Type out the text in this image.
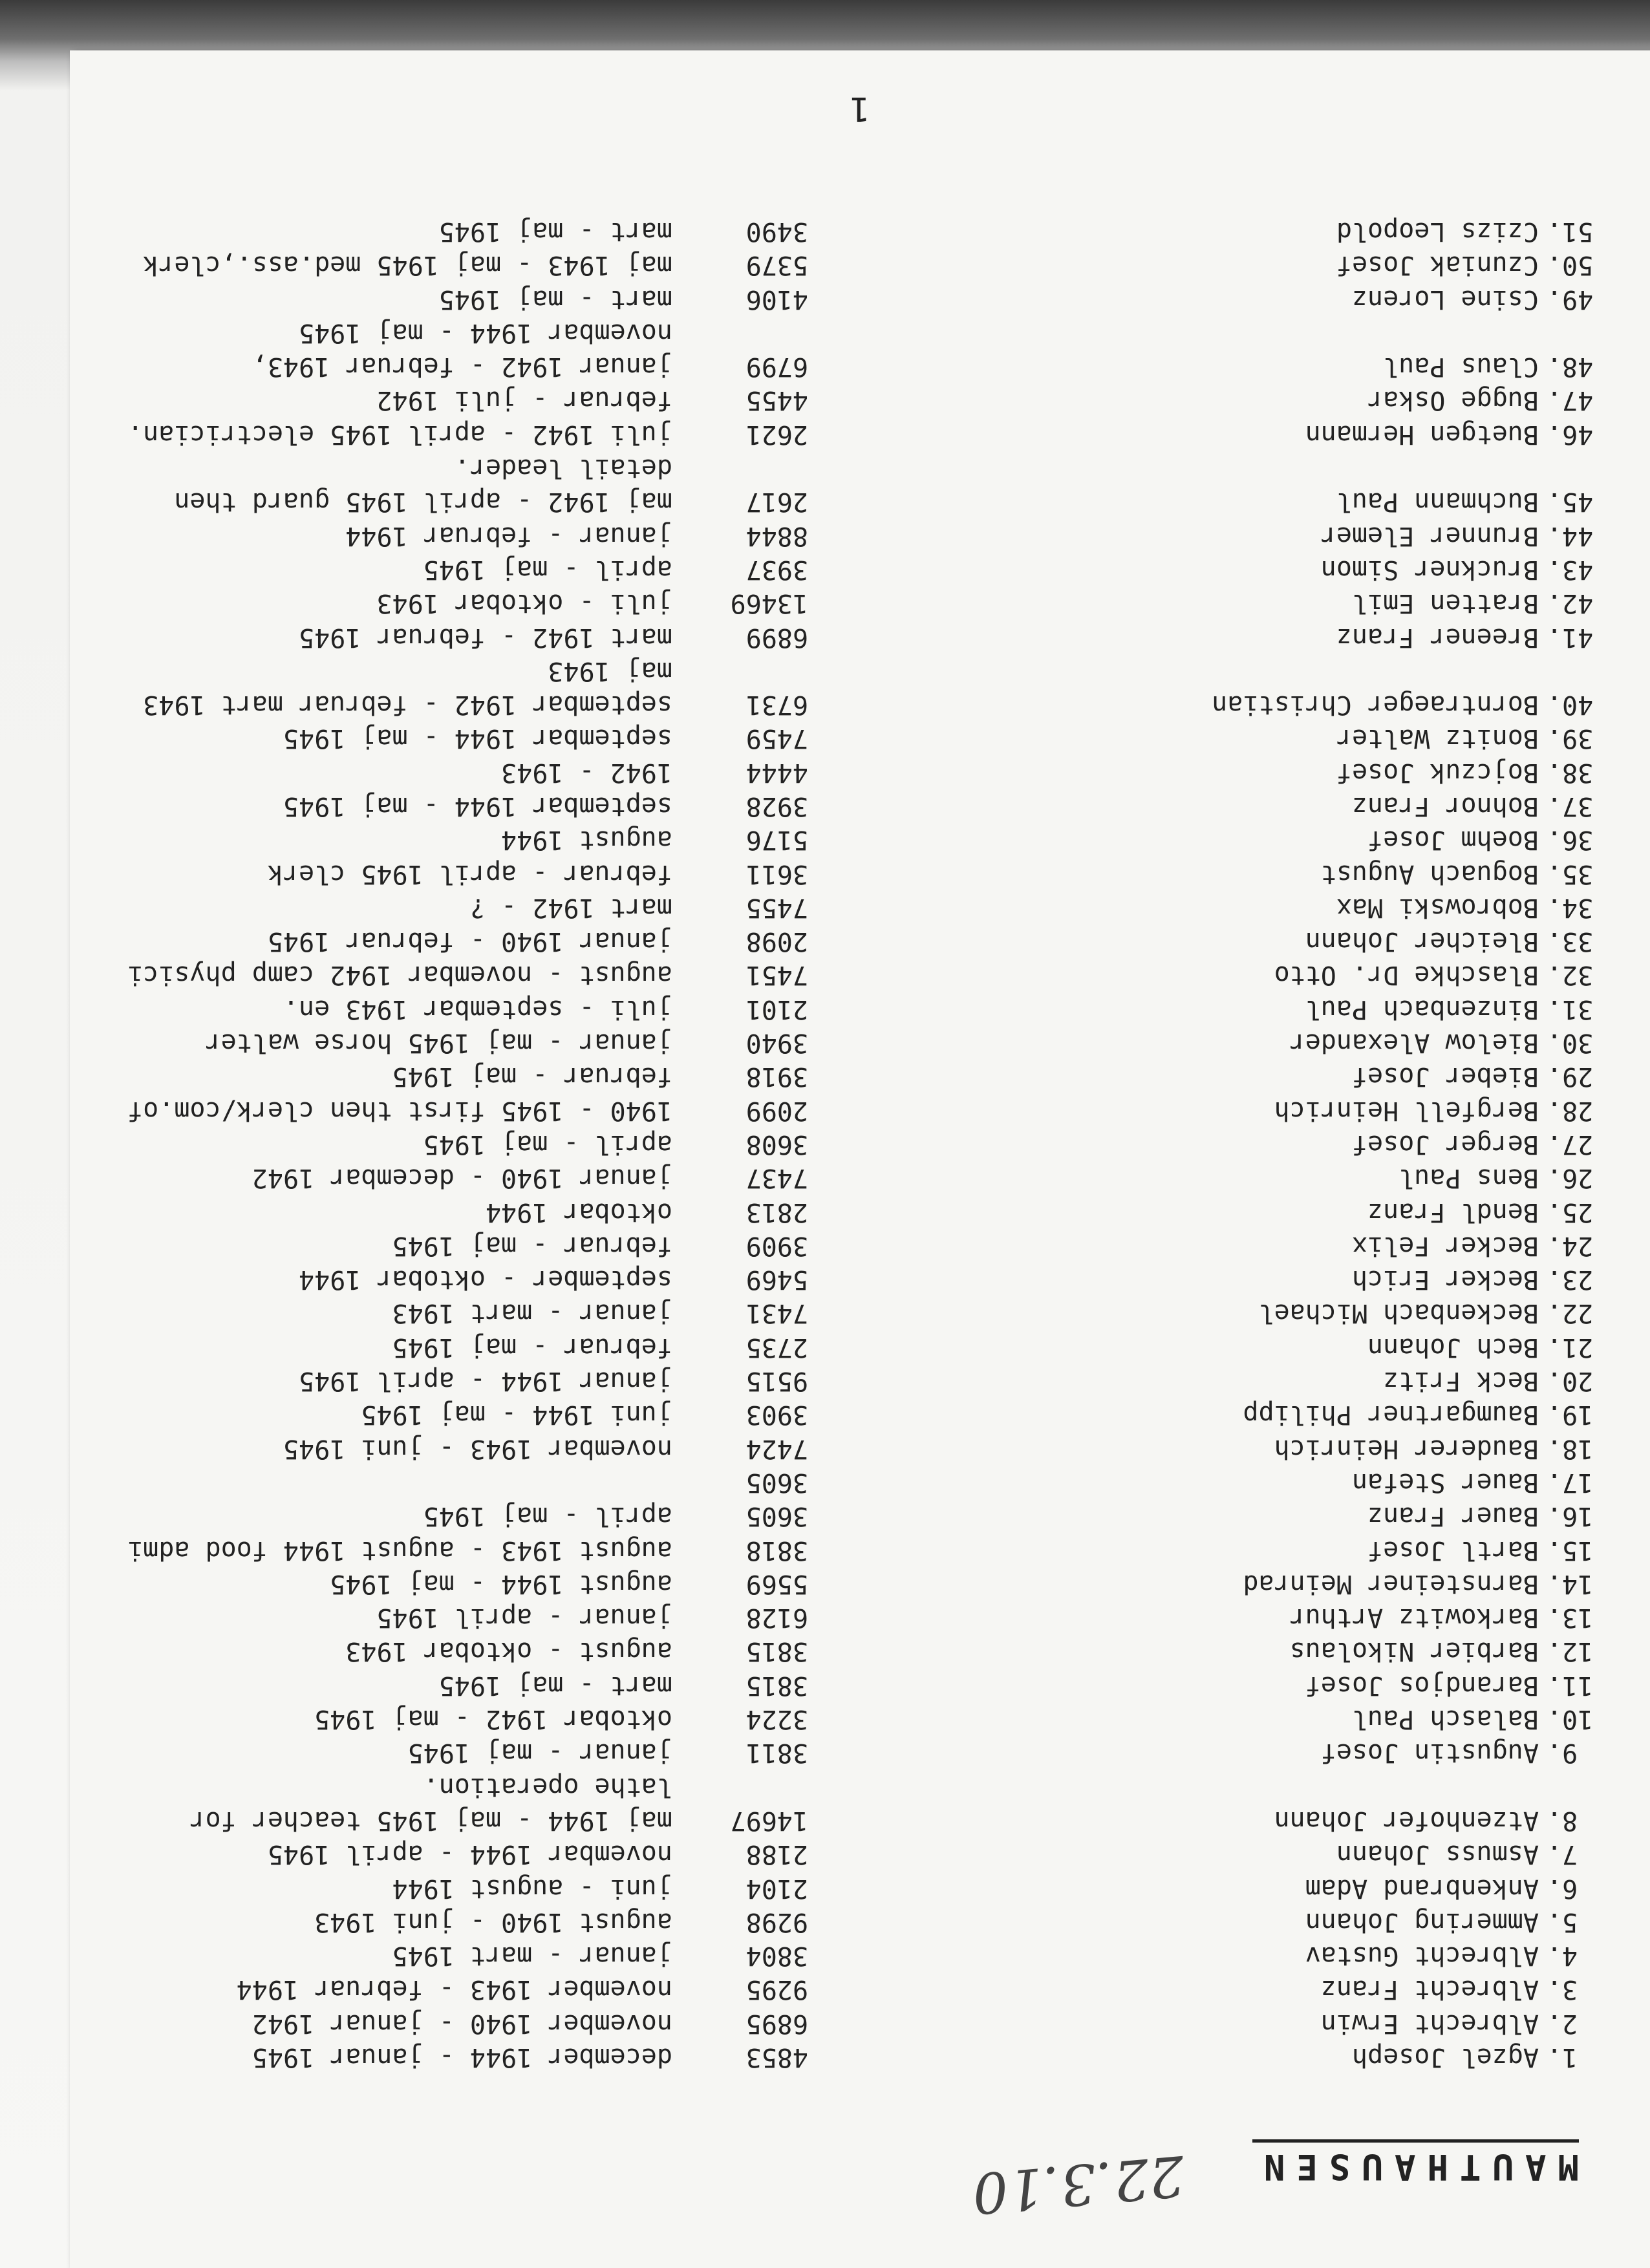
MAUTHAUSEN
22.3.10
1.
Agzel Joseph
4853
december 1944 - januar 1945
2.
Albrecht Erwin
6895
november 1940 - januar 1942
3.
Albrecht Franz
9295
november 1943 - februar 1944
4.
Albrecht Gustav
3804
januar - mart 1945
5.
Ammering Johann
9298
august 1940 - juni 1943
6.
Ankenbrand Adam
2104
juni - august 1944
7.
Asmuss Johann
2188
novembar 1944 - april 1945
8.
Atzenhofer Johann
14697
maj 1944 - maj 1945 teacher for
lathe operation.
9.
Augustin Josef
3811
januar - maj 1945
10.
Balasch Paul
3224
oktobar 1942 - maj 1945
11.
Barandjos Josef
3815
mart - maj 1945
12.
Barbier Nikolaus
3815
august - oktobar 1943
13.
Barkowitz Arthur
6128
januar - april 1945
14.
Barnsteiner Meinrad
5569
august 1944 - maj 1945
15.
Bartl Josef
3818
august 1943 - august 1944 food admi
16.
Bauer Franz
3605
april - maj 1945
17.
Bauer Stefan
3605
18.
Bauderer Heinrich
7424
novembar 1943 - juni 1945
19.
Baumgartner Philipp
3903
juni 1944 - maj 1945
20.
Beck Fritz
9515
januar 1944 - april 1945
21.
Bech Johann
2735
februar - maj 1945
22.
Beckenbach Michael
7431
januar - mart 1943
23.
Becker Erich
5469
september - oktobar 1944
24.
Becker Felix
3909
februar - maj 1945
25.
Bendl Franz
2813
oktobar 1944
26.
Bens Paul
7437
januar 1940 - decembar 1942
27.
Berger Josef
3608
april - maj 1945
28.
Bergfell Heinrich
2099
1940 - 1945 first then clerk/com.of
29.
Bieber Josef
3918
februar - maj 1945
30.
Bielow Alexander
3940
januar - maj 1945 horse walter
31.
Binzenbach Paul
2101
juli - septembar 1943 en.
32.
Blaschke Dr. Otto
7451
august - novembar 1942 camp physici
33.
Bleicher Johann
2098
januar 1940 - februar 1945
34.
Bobrowski Max
7455
mart 1942 - ?
35.
Boguach August
3611
februar - april 1945 clerk
36.
Boehm Josef
5176
august 1944
37.
Bohnor Franz
3928
septembar 1944 - maj 1945
38.
Bojczuk Josef
4444
1942 - 1943
39.
Bonitz Walter
7459
septembar 1944 - maj 1945
40.
Borntraeger Christian
6731
septembar 1942 - februar mart 1943
maj 1943
41.
Breener Franz
6899
mart 1942 - februar 1945
42.
Bratten Emil
13469
juli - oktobar 1943
43.
Bruckner Simon
3937
april - maj 1945
44.
Brunner Elemer
8844
januar - februar 1944
45.
Buchmann Paul
2617
maj 1942 - april 1945 guard then
detail leader.
46.
Buetgen Hermann
2621
juli 1942 - april 1945 electrician.
47.
Bugge Oskar
4455
februar - juli 1942
48.
Claus Paul
6799
januar 1942 - februar 1943,
novembar 1944 - maj 1945
49.
Csine Lorenz
4106
mart - maj 1945
50.
Czuniak Josef
5379
maj 1943 - maj 1945 med.ass.,clerk
51.
Czizs Leopold
3490
mart - maj 1945
1
